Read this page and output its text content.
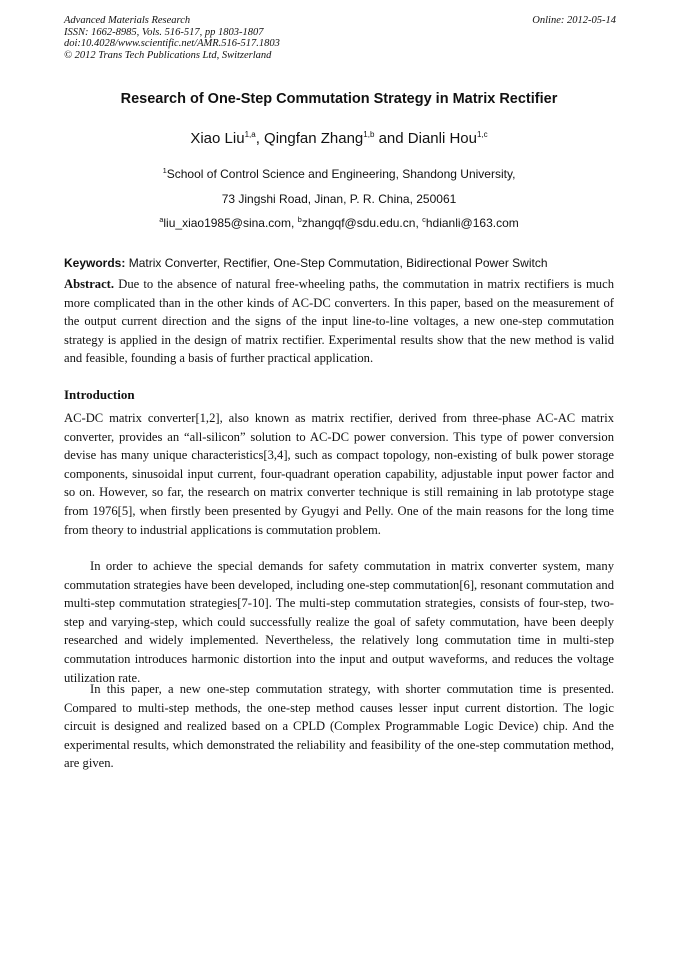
Advanced Materials Research
ISSN: 1662-8985, Vols. 516-517, pp 1803-1807
doi:10.4028/www.scientific.net/AMR.516-517.1803
© 2012 Trans Tech Publications Ltd, Switzerland
Online: 2012-05-14
Research of One-Step Commutation Strategy in Matrix Rectifier
Xiao Liu$^{1,a}$, Qingfan Zhang$^{1,b}$ and Dianli Hou$^{1,c}$
$^1$School of Control Science and Engineering, Shandong University,
73 Jingshi Road, Jinan, P. R. China, 250061
$^a$liu_xiao1985@sina.com, $^b$zhangqf@sdu.edu.cn, $^c$hdianli@163.com
Keywords: Matrix Converter, Rectifier, One-Step Commutation, Bidirectional Power Switch
Abstract. Due to the absence of natural free-wheeling paths, the commutation in matrix rectifiers is much more complicated than in the other kinds of AC-DC converters. In this paper, based on the measurement of the output current direction and the signs of the input line-to-line voltages, a new one-step commutation strategy is applied in the design of matrix rectifier. Experimental results show that the new method is valid and feasible, founding a basis of further practical application.
Introduction
AC-DC matrix converter[1,2], also known as matrix rectifier, derived from three-phase AC-AC matrix converter, provides an “all-silicon” solution to AC-DC power conversion. This type of power conversion devise has many unique characteristics[3,4], such as compact topology, non-existing of bulk power storage components, sinusoidal input current, four-quadrant operation capability, adjustable input power factor and so on. However, so far, the research on matrix converter technique is still remaining in lab prototype stage from 1976[5], when firstly been presented by Gyugyi and Pelly. One of the main reasons for the long time from theory to industrial applications is commutation problem.
In order to achieve the special demands for safety commutation in matrix converter system, many commutation strategies have been developed, including one-step commutation[6], resonant commutation and multi-step commutation strategies[7-10]. The multi-step commutation strategies, consists of four-step, two-step and varying-step, which could successfully realize the goal of safety commutation, have been deeply researched and widely implemented. Nevertheless, the relatively long commutation time in multi-step commutation introduces harmonic distortion into the input and output waveforms, and reduces the voltage utilization rate.
In this paper, a new one-step commutation strategy, with shorter commutation time is presented. Compared to multi-step methods, the one-step method causes lesser input current distortion. The logic circuit is designed and realized based on a CPLD (Complex Programmable Logic Device) chip. And the experimental results, which demonstrated the reliability and feasibility of the one-step commutation method, are given.
